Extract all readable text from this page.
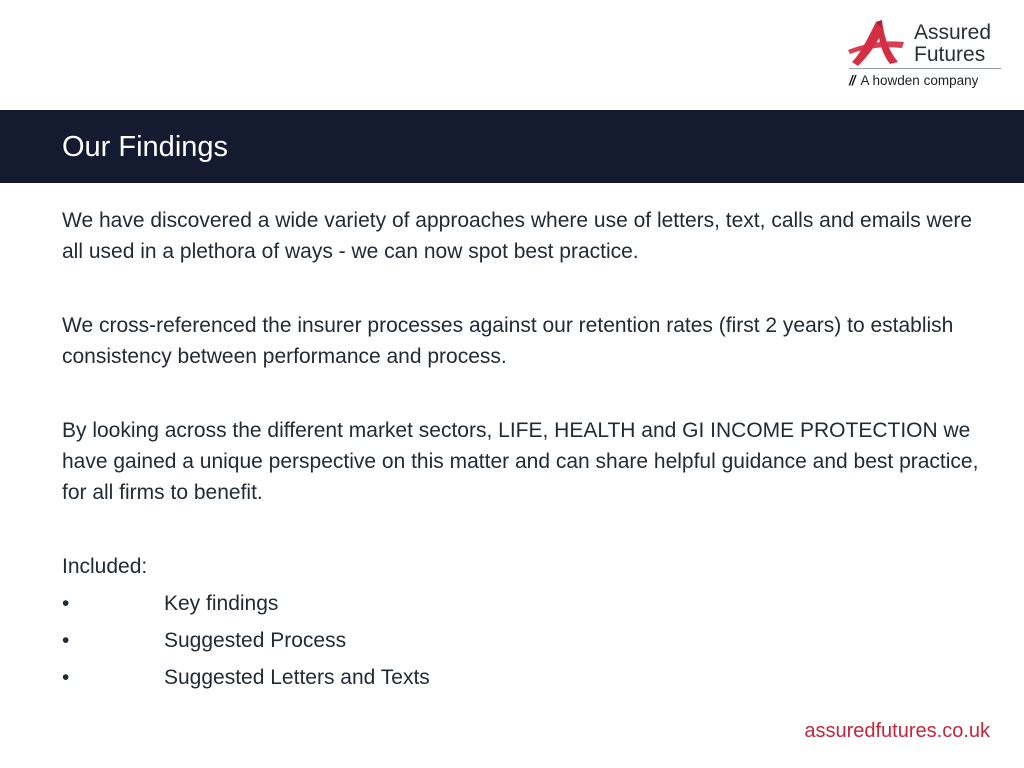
Assured
Futures
// A howden company
Our Findings

We have discovered a wide variety of approaches where use of letters, text, calls and emails were all used in a plethora of ways - we can now spot best practice.

We cross-referenced the insurer processes against our retention rates (first 2 years) to establish consistency between performance and process.

By looking across the different market sectors, LIFE, HEALTH and GI INCOME PROTECTION we have gained a unique perspective on this matter and can share helpful guidance and best practice, for all firms to benefit.

Included:

•	Key findings
•	Suggested Process
•	Suggested Letters and Texts
assuredfutures.co.uk
